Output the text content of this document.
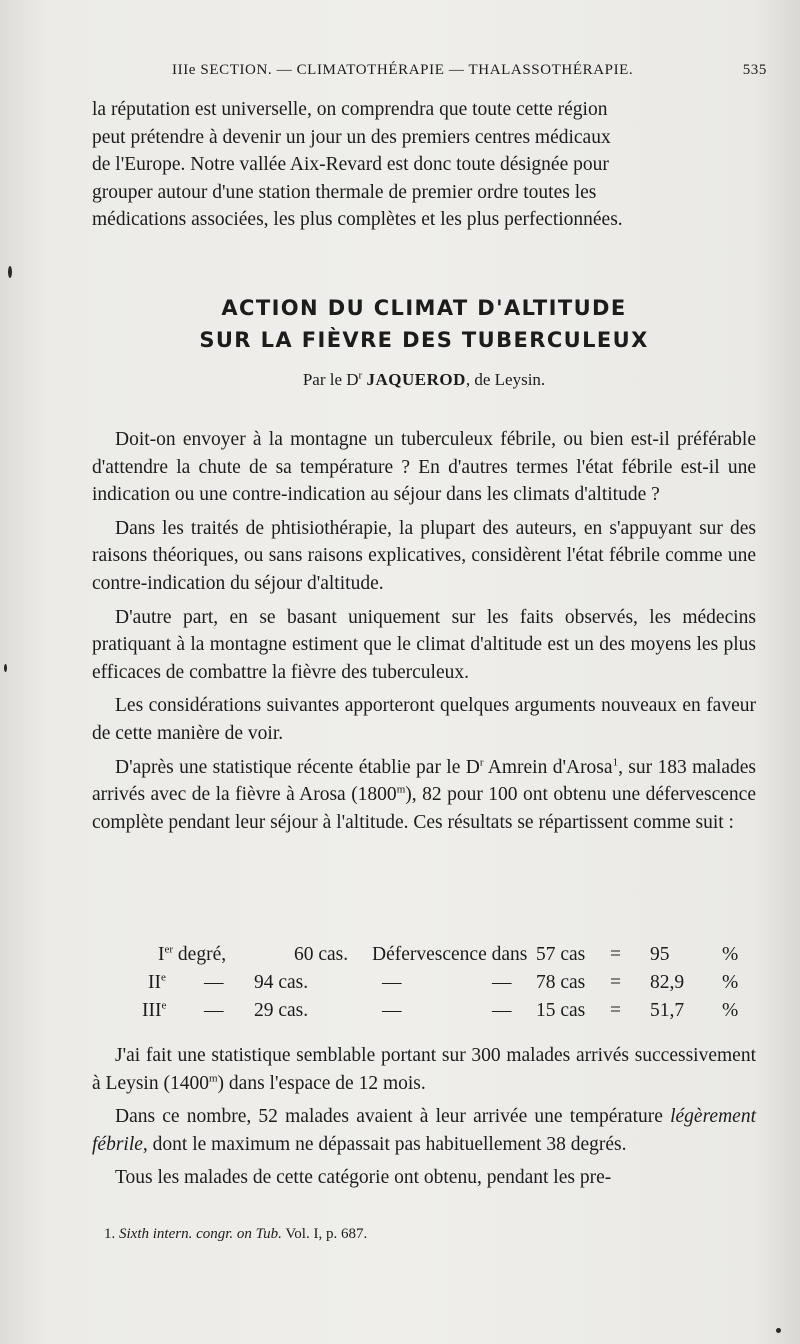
IIIe SECTION. — CLIMATOTHÉRAPIE — THALASSOTHÉRAPIE.	535
la réputation est universelle, on comprendra que toute cette région
peut prétendre à devenir un jour un des premiers centres médicaux
de l'Europe. Notre vallée Aix-Revard est donc toute désignée pour
grouper autour d'une station thermale de premier ordre toutes les
médications associées, les plus complètes et les plus perfectionnées.
ACTION DU CLIMAT D'ALTITUDE
SUR LA FIÈVRE DES TUBERCULEUX
Par le $D^r$ JAQUEROD, de Leysin.

Doit-on envoyer à la montagne un tuberculeux fébrile, ou bien est-il préférable d'attendre la chute de sa température ? En d'autres termes l'état fébrile est-il une indication ou une contre-indication au séjour dans les climats d'altitude ?

Dans les traités de phtisiothérapie, la plupart des auteurs, en s'appuyant sur des raisons théoriques, ou sans raisons explicatives, considèrent l'état fébrile comme une contre-indication du séjour d'altitude.

D'autre part, en se basant uniquement sur les faits observés, les médecins pratiquant à la montagne estiment que le climat d'altitude est un des moyens les plus efficaces de combattre la fièvre des tuberculeux.

Les considérations suivantes apporteront quelques arguments nouveaux en faveur de cette manière de voir.

D'après une statistique récente établie par le $D^r$ Amrein d'Arosa$^1$, sur 183 malades arrivés avec de la fièvre à Arosa (1800$^m$), 82 pour 100 ont obtenu une défervescence complète pendant leur séjour à l'altitude. Ces résultats se répartissent comme suit :

Ier degré,	60 cas. Défervescence dans 57 cas = 95	%
IIe — 94 cas.	—	— 78 cas = 82,9 %
IIIe — 29 cas.	—	— 15 cas = 51,7 %

J'ai fait une statistique semblable portant sur 300 malades arrivés successivement à Leysin (1400$^m$) dans l'espace de 12 mois.

Dans ce nombre, 52 malades avaient à leur arrivée une température légèrement fébrile, dont le maximum ne dépassait pas habituellement 38 degrés.

Tous les malades de cette catégorie ont obtenu, pendant les pre-

1. Sixth intern. congr. on Tub. Vol. I, p. 687.
